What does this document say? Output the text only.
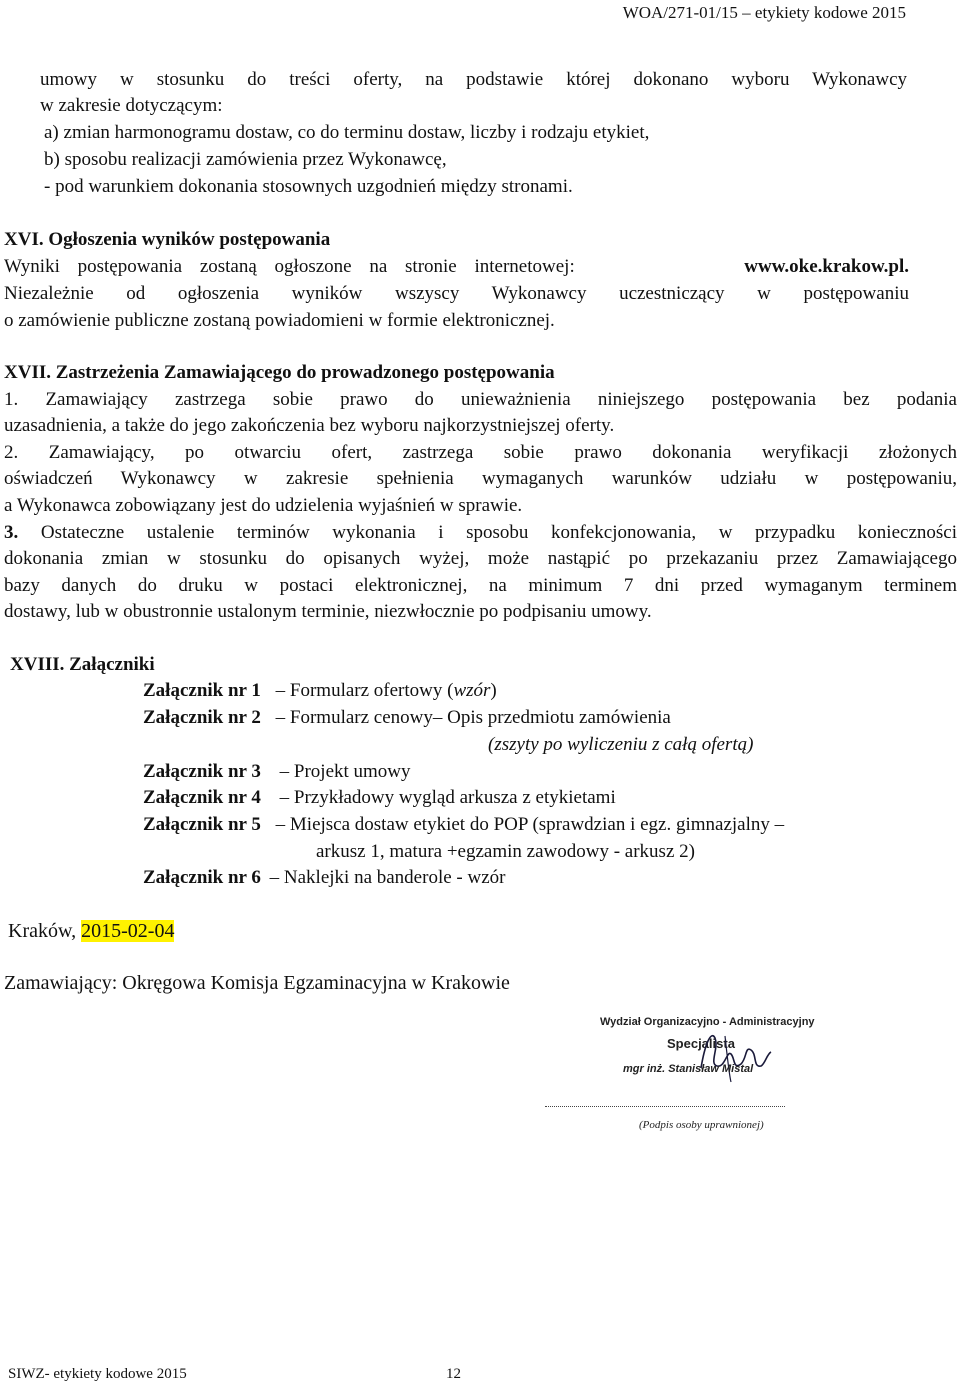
WOA/271-01/15 – etykiety kodowe 2015
umowy w stosunku do treści oferty, na podstawie której dokonano wyboru Wykonawcy
w zakresie dotyczącym:
a) zmian harmonogramu dostaw, co do terminu dostaw, liczby i rodzaju etykiet,
b) sposobu realizacji zamówienia przez Wykonawcę,
- pod warunkiem dokonania stosownych uzgodnień między stronami.
XVI. Ogłoszenia wyników postępowania
Wyniki postępowania zostaną ogłoszone na stronie internetowej:	www.oke.krakow.pl.
Niezależnie od ogłoszenia wyników wszyscy Wykonawcy uczestniczący w postępowaniu
o zamówienie publiczne zostaną powiadomieni w formie elektronicznej.
XVII. Zastrzeżenia Zamawiającego do prowadzonego postępowania
1. Zamawiający zastrzega sobie prawo do unieważnienia niniejszego postępowania bez podania
uzasadnienia, a także do jego zakończenia bez wyboru najkorzystniejszej oferty.
2. Zamawiający, po otwarciu ofert, zastrzega sobie prawo dokonania weryfikacji złożonych
oświadczeń Wykonawcy w zakresie spełnienia wymaganych warunków udziału w postępowaniu,
a Wykonawca zobowiązany jest do udzielenia wyjaśnień w sprawie.
3. Ostateczne ustalenie terminów wykonania i sposobu konfekcjonowania, w przypadku konieczności
dokonania zmian w stosunku do opisanych wyżej, może nastąpić po przekazaniu przez Zamawiającego
bazy danych do druku w postaci elektronicznej, na minimum 7 dni przed wymaganym terminem
dostawy, lub w obustronnie ustalonym terminie, niezwłocznie po podpisaniu umowy.
XVIII. Załączniki
Załącznik nr 1 – Formularz ofertowy (wzór)
Załącznik nr 2 – Formularz cenowy– Opis przedmiotu zamówienia
(zszyty po wyliczeniu z całą ofertą)
Załącznik nr 3 – Projekt umowy
Załącznik nr 4 – Przykładowy wygląd arkusza z etykietami
Załącznik nr 5 – Miejsca dostaw etykiet do POP (sprawdzian i egz. gimnazjalny –
arkusz 1, matura +egzamin zawodowy - arkusz 2)
Załącznik nr 6 – Naklejki na banderole - wzór
Kraków, 2015-02-04
Zamawiający: Okręgowa Komisja Egzaminacyjna w Krakowie
Wydział Organizacyjno - Administracyjny
Specjalista
mgr inż. Stanisław Mistal
(Podpis osoby uprawnionej)
SIWZ- etykiety kodowe 2015	12
